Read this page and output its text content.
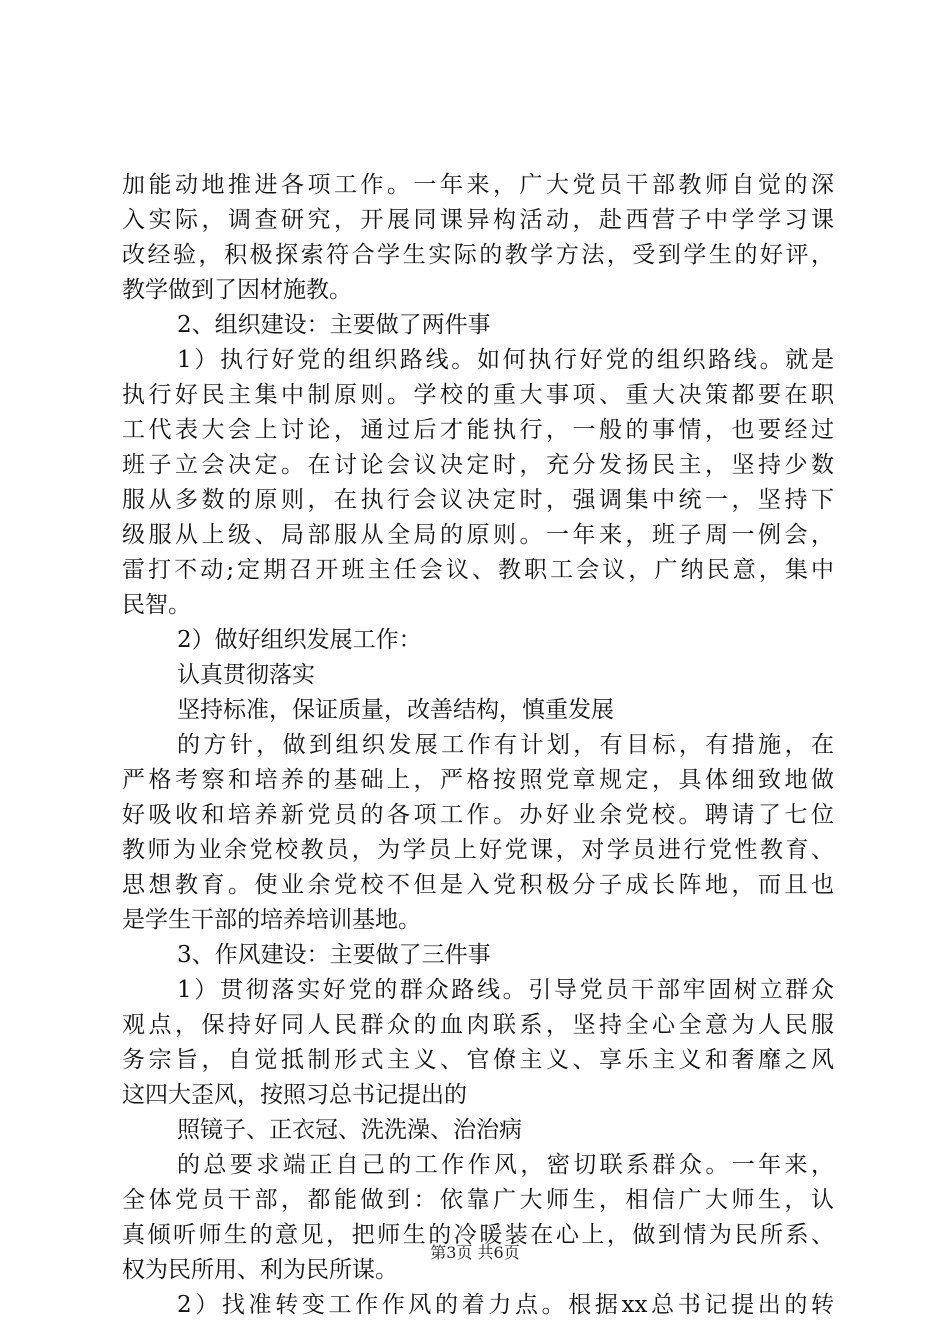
加能动地推进各项工作。一年来，广大党员干部教师自觉的深
入实际，调查研究，开展同课异构活动，赴西营子中学学习课
改经验，积极探索符合学生实际的教学方法，受到学生的好评，
教学做到了因材施教。
2、组织建设：主要做了两件事
1）执行好党的组织路线。如何执行好党的组织路线。就是
执行好民主集中制原则。学校的重大事项、重大决策都要在职
工代表大会上讨论，通过后才能执行，一般的事情，也要经过
班子立会决定。在讨论会议决定时，充分发扬民主，坚持少数
服从多数的原则，在执行会议决定时，强调集中统一，坚持下
级服从上级、局部服从全局的原则。一年来，班子周一例会，
雷打不动;定期召开班主任会议、教职工会议，广纳民意，集中
民智。
2）做好组织发展工作：
认真贯彻落实
坚持标准，保证质量，改善结构，慎重发展
的方针，做到组织发展工作有计划，有目标，有措施，在
严格考察和培养的基础上，严格按照党章规定，具体细致地做
好吸收和培养新党员的各项工作。办好业余党校。聘请了七位
教师为业余党校教员，为学员上好党课，对学员进行党性教育、
思想教育。使业余党校不但是入党积极分子成长阵地，而且也
是学生干部的培养培训基地。
3、作风建设：主要做了三件事
1）贯彻落实好党的群众路线。引导党员干部牢固树立群众
观点，保持好同人民群众的血肉联系，坚持全心全意为人民服
务宗旨，自觉抵制形式主义、官僚主义、享乐主义和奢靡之风
这四大歪风，按照习总书记提出的
照镜子、正衣冠、洗洗澡、治治病
的总要求端正自己的工作作风，密切联系群众。一年来，
全体党员干部，都能做到：依靠广大师生，相信广大师生，认
真倾听师生的意见，把师生的冷暖装在心上，做到情为民所系、
权为民所用、利为民所谋。
2）找准转变工作作风的着力点。根据xx总书记提出的转
第3页 共6页
